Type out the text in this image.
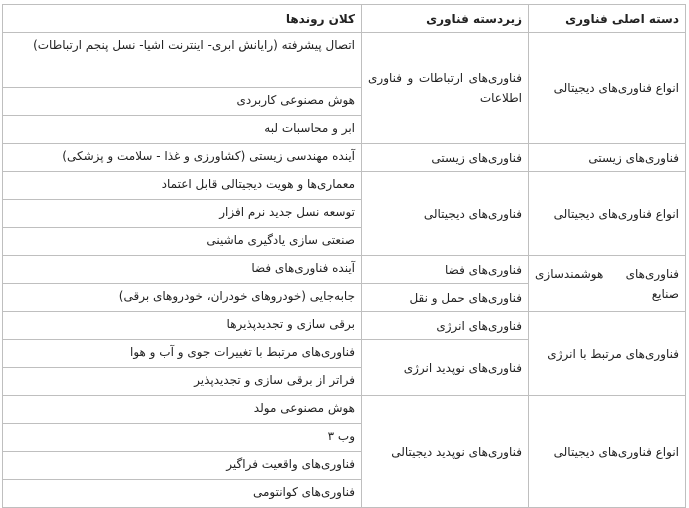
دسته اصلی فناوری	زیردسته فناوری	کلان روندها
انواع فناوری‌های دیجیتالی	فناوری‌های ارتباطات و فناوری اطلاعات	اتصال پیشرفته (رایانش ابری- اینترنت اشیا- نسل پنجم ارتباطات)
		هوش مصنوعی کاربردی
		ابر و محاسبات لبه
فناوری‌های زیستی	فناوری‌های زیستی	آینده مهندسی زیستی (کشاورزی و غذا - سلامت و پزشکی)
انواع فناوری‌های دیجیتالی	فناوری‌های دیجیتالی	معماری‌ها و هویت دیجیتالی قابل اعتماد
		توسعه نسل جدید نرم افزار
		صنعتی سازی یادگیری ماشینی
فناوری‌های هوشمندسازی صنایع	فناوری‌های فضا	آینده فناوری‌های فضا
	فناوری‌های حمل و نقل	جابه‌جایی (خودروهای خودران، خودروهای برقی)
فناوری‌های مرتبط با انرژی	فناوری‌های انرژی	برقی سازی و تجدیدپذیرها
	فناوری‌های نوپدید انرژی	فناوری‌های مرتبط با تغییرات جوی و آب و هوا
		فراتر از برقی سازی و تجدیدپذیر
انواع فناوری‌های دیجیتالی	فناوری‌های نوپدید دیجیتالی	هوش مصنوعی مولد
		وب ۳
		فناوری‌های واقعیت فراگیر
		فناوری‌های کوانتومی
